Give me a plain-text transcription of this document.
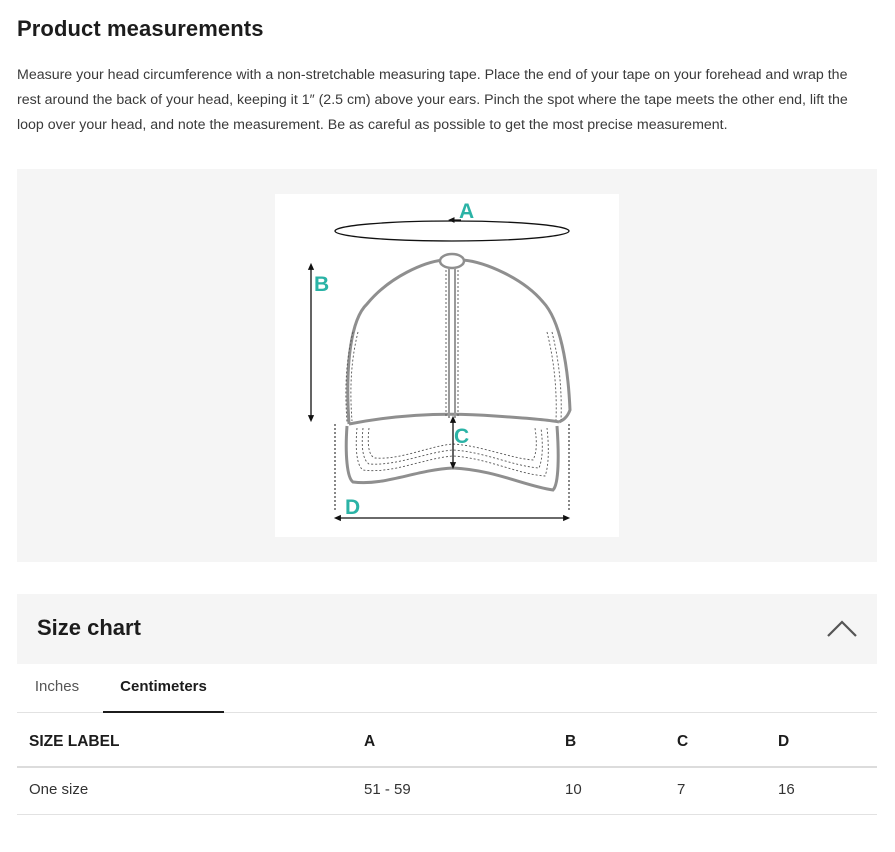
Product measurements

Measure your head circumference with a non-stretchable measuring tape. Place the end of your tape on your forehead and wrap the rest around the back of your head, keeping it 1″ (2.5 cm) above your ears. Pinch the spot where the tape meets the other end, lift the loop over your head, and note the measurement. Be as careful as possible to get the most precise measurement.

A
B
C
D
Size chart
Inches	Centimeters
SIZE LABEL	A	B	C	D
One size	51 - 59	10	7	16
